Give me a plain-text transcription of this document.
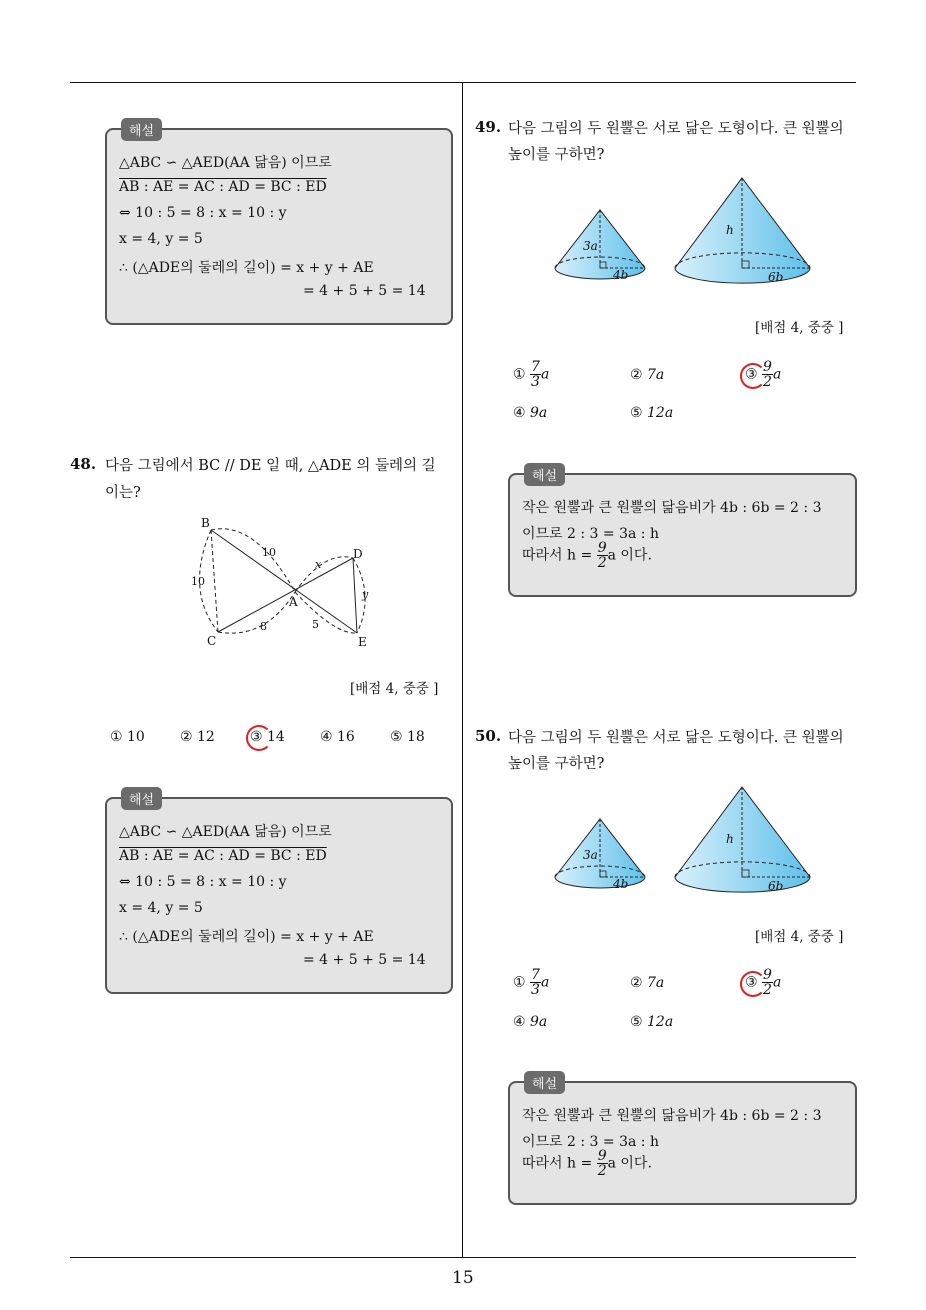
15
해설
△ABC ∽ △AED(AA 닮음) 이므로
AB : AE = AC : AD = BC : ED
⇔ 10 : 5 = 8 : x = 10 : y
x = 4, y = 5
∴ (△ADE의 둘레의 길이) = x + y + AE
= 4 + 5 + 5 = 14
48. 다음 그림에서 BC // DE 일 때, △ADE 의 둘레의 길
이는?
B
C
D
E
A
10
10
8	5
x
y
[배점 4, 중중 ]
① 10	② 12	③ 14	④ 16	⑤ 18
해설
△ABC ∽ △AED(AA 닮음) 이므로
AB : AE = AC : AD = BC : ED
⇔ 10 : 5 = 8 : x = 10 : y
x = 4, y = 5
∴ (△ADE의 둘레의 길이) = x + y + AE
= 4 + 5 + 5 = 14
49. 다음 그림의 두 원뿔은 서로 닮은 도형이다. 큰 원뿔의
높이를 구하면?
3a
4b
h
6b
[배점 4, 중중 ]
① $\frac{7}{3}$ a	② 7a	③ $\frac{9}{2}$ a
④ 9a	⑤ 12a
해설
작은 원뿔과 큰 원뿔의 닮음비가 4b : 6b = 2 : 3
이므로 2 : 3 = 3a : h
따라서 $h = \frac{9}{2}$ a 이다.
50. 다음 그림의 두 원뿔은 서로 닮은 도형이다. 큰 원뿔의
높이를 구하면?
3a
4b
h
6b
[배점 4, 중중 ]
① $\frac{7}{3}$ a	② 7a	③ $\frac{9}{2}$ a
④ 9a	⑤ 12a
해설
작은 원뿔과 큰 원뿔의 닮음비가 4b : 6b = 2 : 3
이므로 2 : 3 = 3a : h
따라서 $h = \frac{9}{2}$ a 이다.
